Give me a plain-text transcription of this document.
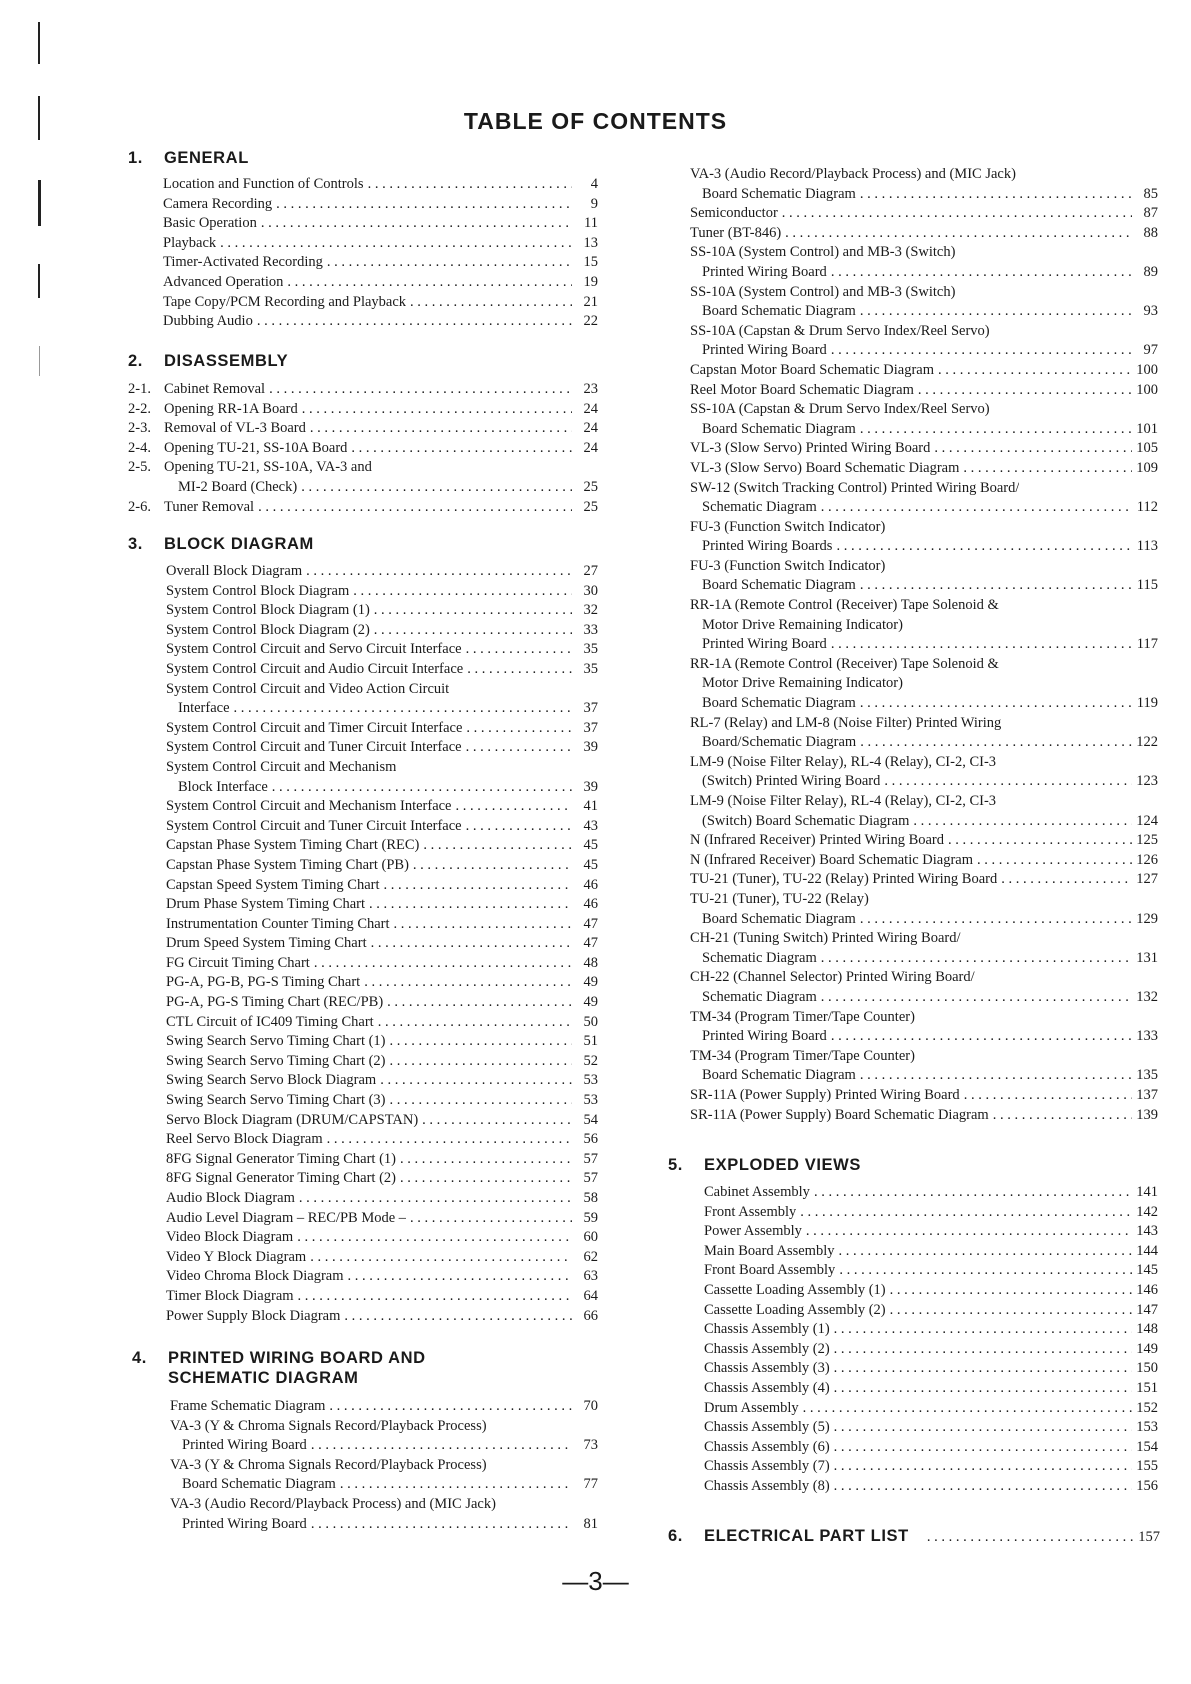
TABLE OF CONTENTS
1.	GENERAL
Location and Function of Controls . . .	4
Camera Recording . . .	9
Basic Operation . . .	11
Playback . . .	13
Timer-Activated Recording . . .	15
Advanced Operation . . .	19
Tape Copy/PCM Recording and Playback . . .	21
Dubbing Audio . . .	22
2.	DISASSEMBLY
2-1. Cabinet Removal . . .	23
2-2. Opening RR-1A Board . . .	24
2-3. Removal of VL-3 Board . . .	24
2-4. Opening TU-21, SS-10A Board . . .	24
2-5. Opening TU-21, SS-10A, VA-3 and
MI-2 Board (Check) . . .	25
2-6. Tuner Removal . . .	25
3.	BLOCK DIAGRAM
Overall Block Diagram . . .	27
System Control Block Diagram . . .	30
System Control Block Diagram (1) . . .	32
System Control Block Diagram (2) . . .	33
System Control Circuit and Servo Circuit Interface . . .	35
System Control Circuit and Audio Circuit Interface . . .	35
System Control Circuit and Video Action Circuit
Interface . . .	37
System Control Circuit and Timer Circuit Interface . . .	37
System Control Circuit and Tuner Circuit Interface . . .	39
System Control Circuit and Mechanism
Block Interface . . .	39
System Control Circuit and Mechanism Interface . . .	41
System Control Circuit and Tuner Circuit Interface . . .	43
Capstan Phase System Timing Chart (REC) . . .	45
Capstan Phase System Timing Chart (PB) . . .	45
Capstan Speed System Timing Chart . . .	46
Drum Phase System Timing Chart . . .	46
Instrumentation Counter Timing Chart . . .	47
Drum Speed System Timing Chart . . .	47
FG Circuit Timing Chart . . .	48
PG-A, PG-B, PG-S Timing Chart . . .	49
PG-A, PG-S Timing Chart (REC/PB) . . .	49
CTL Circuit of IC409 Timing Chart . . .	50
Swing Search Servo Timing Chart (1) . . .	51
Swing Search Servo Timing Chart (2) . . .	52
Swing Search Servo Block Diagram . . .	53
Swing Search Servo Timing Chart (3) . . .	53
Servo Block Diagram (DRUM/CAPSTAN) . . .	54
Reel Servo Block Diagram . . .	56
8FG Signal Generator Timing Chart (1) . . .	57
8FG Signal Generator Timing Chart (2) . . .	57
Audio Block Diagram . . .	58
Audio Level Diagram – REC/PB Mode – . . .	59
Video Block Diagram . . .	60
Video Y Block Diagram . . .	62
Video Chroma Block Diagram . . .	63
Timer Block Diagram . . .	64
Power Supply Block Diagram . . .	66
4.	PRINTED WIRING BOARD AND
SCHEMATIC DIAGRAM
Frame Schematic Diagram . . .	70
VA-3 (Y & Chroma Signals Record/Playback Process)
Printed Wiring Board . . .	73
VA-3 (Y & Chroma Signals Record/Playback Process)
Board Schematic Diagram . . .	77
VA-3 (Audio Record/Playback Process) and (MIC Jack)
Printed Wiring Board . . .	81
VA-3 (Audio Record/Playback Process) and (MIC Jack)
Board Schematic Diagram . . .	85
Semiconductor . . .	87
Tuner (BT-846) . . .	88
SS-10A (System Control) and MB-3 (Switch)
Printed Wiring Board . . .	89
SS-10A (System Control) and MB-3 (Switch)
Board Schematic Diagram . . .	93
SS-10A (Capstan & Drum Servo Index/Reel Servo)
Printed Wiring Board . . .	97
Capstan Motor Board Schematic Diagram . . .	100
Reel Motor Board Schematic Diagram . . .	100
SS-10A (Capstan & Drum Servo Index/Reel Servo)
Board Schematic Diagram . . .	101
VL-3 (Slow Servo) Printed Wiring Board . . .	105
VL-3 (Slow Servo) Board Schematic Diagram . . .	109
SW-12 (Switch Tracking Control) Printed Wiring Board/
Schematic Diagram . . .	112
FU-3 (Function Switch Indicator)
Printed Wiring Boards . . .	113
FU-3 (Function Switch Indicator)
Board Schematic Diagram . . .	115
RR-1A (Remote Control (Receiver) Tape Solenoid &
Motor Drive Remaining Indicator)
Printed Wiring Board . . .	117
RR-1A (Remote Control (Receiver) Tape Solenoid &
Motor Drive Remaining Indicator)
Board Schematic Diagram . . .	119
RL-7 (Relay) and LM-8 (Noise Filter) Printed Wiring
Board/Schematic Diagram . . .	122
LM-9 (Noise Filter Relay), RL-4 (Relay), CI-2, CI-3
(Switch) Printed Wiring Board . . .	123
LM-9 (Noise Filter Relay), RL-4 (Relay), CI-2, CI-3
(Switch) Board Schematic Diagram . . .	124
N (Infrared Receiver) Printed Wiring Board . . .	125
N (Infrared Receiver) Board Schematic Diagram . . .	126
TU-21 (Tuner), TU-22 (Relay) Printed Wiring Board . . .	127
TU-21 (Tuner), TU-22 (Relay)
Board Schematic Diagram . . .	129
CH-21 (Tuning Switch) Printed Wiring Board/
Schematic Diagram . . .	131
CH-22 (Channel Selector) Printed Wiring Board/
Schematic Diagram . . .	132
TM-34 (Program Timer/Tape Counter)
Printed Wiring Board . . .	133
TM-34 (Program Timer/Tape Counter)
Board Schematic Diagram . . .	135
SR-11A (Power Supply) Printed Wiring Board . . .	137
SR-11A (Power Supply) Board Schematic Diagram . . .	139
5.	EXPLODED VIEWS
Cabinet Assembly . . .	141
Front Assembly . . .	142
Power Assembly . . .	143
Main Board Assembly . . .	144
Front Board Assembly . . .	145
Cassette Loading Assembly (1) . . .	146
Cassette Loading Assembly (2) . . .	147
Chassis Assembly (1) . . .	148
Chassis Assembly (2) . . .	149
Chassis Assembly (3) . . .	150
Chassis Assembly (4) . . .	151
Drum Assembly . . .	152
Chassis Assembly (5) . . .	153
Chassis Assembly (6) . . .	154
Chassis Assembly (7) . . .	155
Chassis Assembly (8) . . .	156
6.	ELECTRICAL PART LIST . . .	157
—3—
